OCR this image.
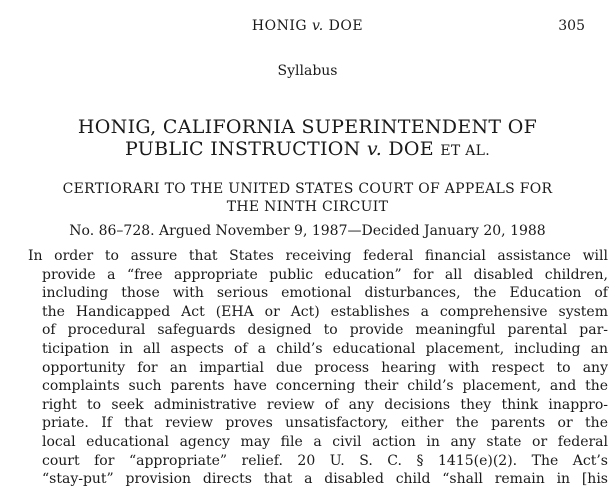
HONIG v. DOE	305
Syllabus
HONIG, CALIFORNIA SUPERINTENDENT OF
PUBLIC INSTRUCTION v. DOE ET AL.
CERTIORARI TO THE UNITED STATES COURT OF APPEALS FOR
THE NINTH CIRCUIT
No. 86–728. Argued November 9, 1987—Decided January 20, 1988
In order to assure that States receiving federal financial assistance will
provide a “free appropriate public education” for all disabled children,
including those with serious emotional disturbances, the Education of
the Handicapped Act (EHA or Act) establishes a comprehensive system
of procedural safeguards designed to provide meaningful parental par-
ticipation in all aspects of a child’s educational placement, including an
opportunity for an impartial due process hearing with respect to any
complaints such parents have concerning their child’s placement, and the
right to seek administrative review of any decisions they think inappro-
priate. If that review proves unsatisfactory, either the parents or the
local educational agency may file a civil action in any state or federal
court for “appropriate” relief. 20 U. S. C. § 1415(e)(2). The Act’s
“stay-put” provision directs that a disabled child “shall remain in [his
